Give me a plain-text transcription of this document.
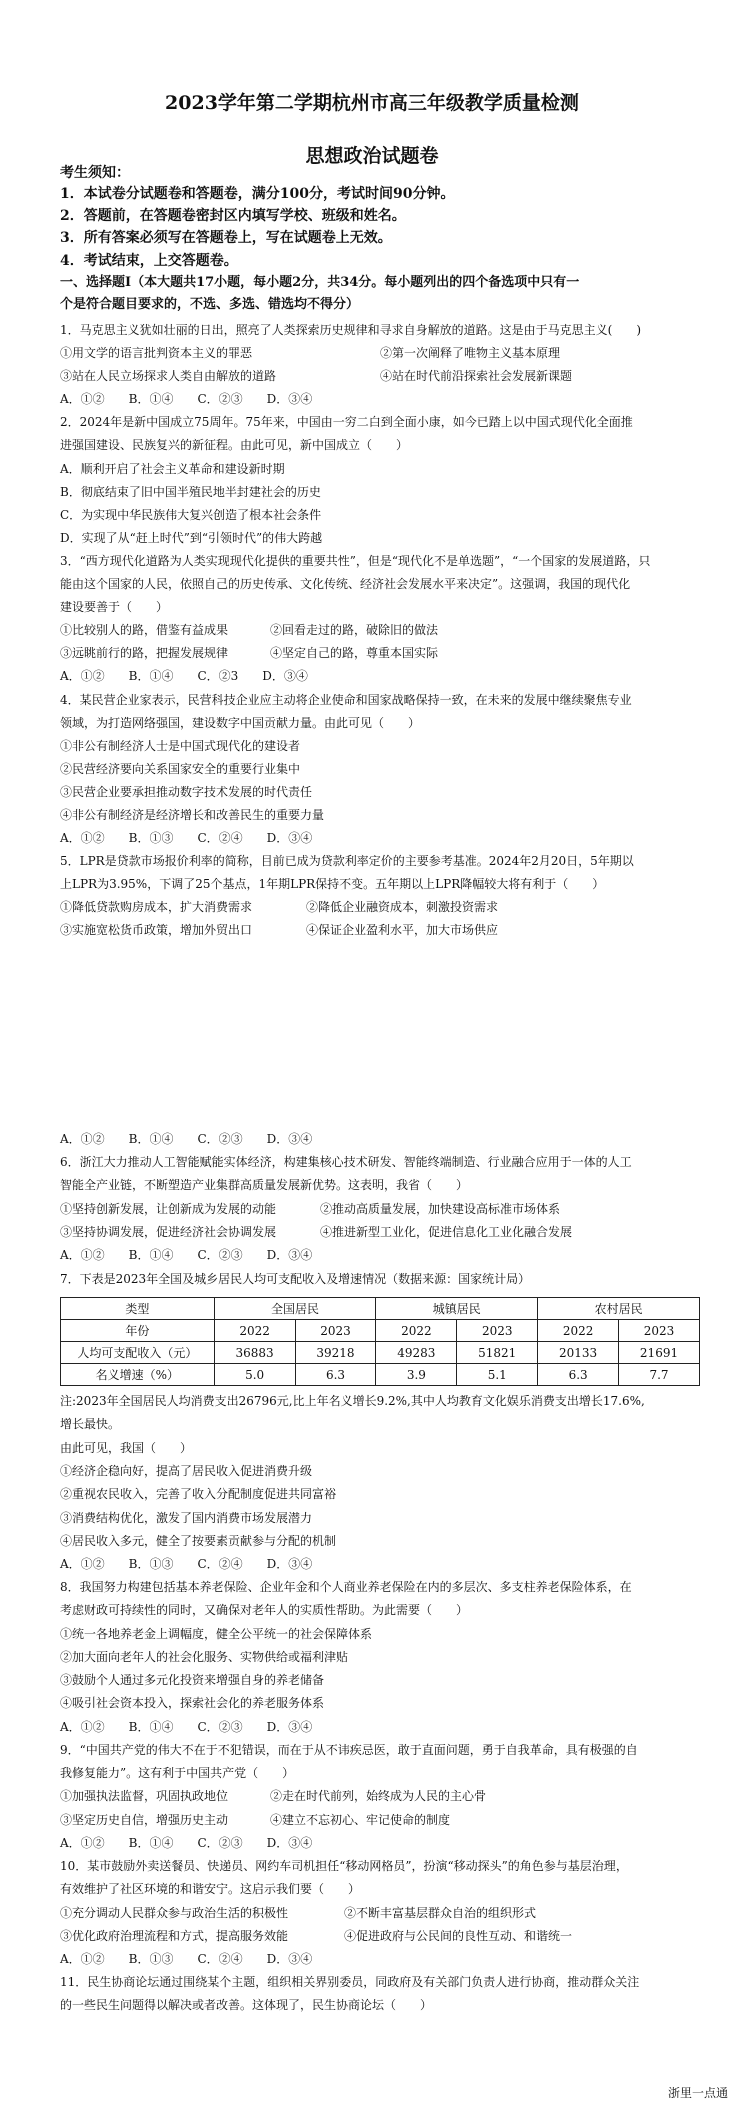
2023学年第二学期杭州市高三年级教学质量检测
思想政治试题卷
考生须知：
1．本试卷分试题卷和答题卷，满分100分，考试时间90分钟。
2．答题前，在答题卷密封区内填写学校、班级和姓名。
3．所有答案必须写在答题卷上，写在试题卷上无效。
4．考试结束，上交答题卷。
一、选择题Ⅰ（本大题共17小题，每小题2分，共34分。每小题列出的四个备选项中只有一
个是符合题目要求的，不选、多选、错选均不得分）
1．马克思主义犹如壮丽的日出，照亮了人类探索历史规律和寻求自身解放的道路。这是由于马克思主义(　　)
①用文学的语言批判资本主义的罪恶	②第一次阐释了唯物主义基本原理
③站在人民立场探求人类自由解放的道路	④站在时代前沿探索社会发展新课题
A．①②　　B．①④　　C．②③　　D．③④
2．2024年是新中国成立75周年。75年来，中国由一穷二白到全面小康，如今已踏上以中国式现代化全面推
进强国建设、民族复兴的新征程。由此可见，新中国成立（　　）
A．顺利开启了社会主义革命和建设新时期
B．彻底结束了旧中国半殖民地半封建社会的历史
C．为实现中华民族伟大复兴创造了根本社会条件
D．实现了从“赶上时代”到“引领时代”的伟大跨越
3．“西方现代化道路为人类实现现代化提供的重要共性”，但是“现代化不是单选题”，“一个国家的发展道路，只
能由这个国家的人民，依照自己的历史传承、文化传统、经济社会发展水平来决定”。这强调，我国的现代化
建设要善于（　　）
①比较别人的路，借鉴有益成果	②回看走过的路，破除旧的做法
③远眺前行的路，把握发展规律	④坚定自己的路，尊重本国实际
A．①②　　B．①④　　C．②3　　D．③④
4．某民营企业家表示，民营科技企业应主动将企业使命和国家战略保持一致，在未来的发展中继续聚焦专业
领域，为打造网络强国，建设数字中国贡献力量。由此可见（　　）
①非公有制经济人士是中国式现代化的建设者
②民营经济要向关系国家安全的重要行业集中
③民营企业要承担推动数字技术发展的时代责任
④非公有制经济是经济增长和改善民生的重要力量
A．①②　　B．①③　　C．②④　　D．③④
5．LPR是贷款市场报价利率的简称，目前已成为贷款利率定价的主要参考基准。2024年2月20日，5年期以
上LPR为3.95%，下调了25个基点，1年期LPR保持不变。五年期以上LPR降幅较大将有利于（　　）
①降低贷款购房成本，扩大消费需求	②降低企业融资成本，刺激投资需求
③实施宽松货币政策，增加外贸出口	④保证企业盈利水平，加大市场供应
A．①②　　B．①④　　C．②③　　D．③④
6．浙江大力推动人工智能赋能实体经济，构建集核心技术研发、智能终端制造、行业融合应用于一体的人工
智能全产业链，不断塑造产业集群高质量发展新优势。这表明，我省（　　）
①坚持创新发展，让创新成为发展的动能	②推动高质量发展，加快建设高标准市场体系
③坚持协调发展，促进经济社会协调发展	④推进新型工业化，促进信息化工业化融合发展
A．①②　　B．①④　　C．②③　　D．③④
7．下表是2023年全国及城乡居民人均可支配收入及增速情况（数据来源：国家统计局）
类型	全国居民		城镇居民		农村居民	
年份	2022	2023	2022	2023	2022	2023
人均可支配收入（元）	36883	39218	49283	51821	20133	21691
名义增速（%）	5.0	6.3	3.9	5.1	6.3	7.7
注:2023年全国居民人均消费支出26796元,比上年名义增长9.2%,其中人均教育文化娱乐消费支出增长17.6%,
增长最快。
由此可见，我国（　　）
①经济企稳向好，提高了居民收入促进消费升级
②重视农民收入，完善了收入分配制度促进共同富裕
③消费结构优化，激发了国内消费市场发展潜力
④居民收入多元，健全了按要素贡献参与分配的机制
A．①②　　B．①③　　C．②④　　D．③④
8．我国努力构建包括基本养老保险、企业年金和个人商业养老保险在内的多层次、多支柱养老保险体系，在
考虑财政可持续性的同时，又确保对老年人的实质性帮助。为此需要（　　）
①统一各地养老金上调幅度，健全公平统一的社会保障体系
②加大面向老年人的社会化服务、实物供给或福利津贴
③鼓励个人通过多元化投资来增强自身的养老储备
④吸引社会资本投入，探索社会化的养老服务体系
A．①②　　B．①④　　C．②③　　D．③④
9．“中国共产党的伟大不在于不犯错误，而在于从不讳疾忌医，敢于直面问题，勇于自我革命，具有极强的自
我修复能力”。这有利于中国共产党（　　）
①加强执法监督，巩固执政地位	②走在时代前列，始终成为人民的主心骨
③坚定历史自信，增强历史主动	④建立不忘初心、牢记使命的制度
A．①②　　B．①④　　C．②③　　D．③④
10．某市鼓励外卖送餐员、快递员、网约车司机担任“移动网格员”，扮演“移动探头”的角色参与基层治理，
有效维护了社区环境的和谐安宁。这启示我们要（　　）
①充分调动人民群众参与政治生活的积极性	②不断丰富基层群众自治的组织形式
③优化政府治理流程和方式，提高服务效能	④促进政府与公民间的良性互动、和谐统一
A．①②　　B．①③　　C．②④　　D．③④
11．民生协商论坛通过围绕某个主题，组织相关界别委员，同政府及有关部门负责人进行协商，推动群众关注
的一些民生问题得以解决或者改善。这体现了，民生协商论坛（　　）
浙里一点通
